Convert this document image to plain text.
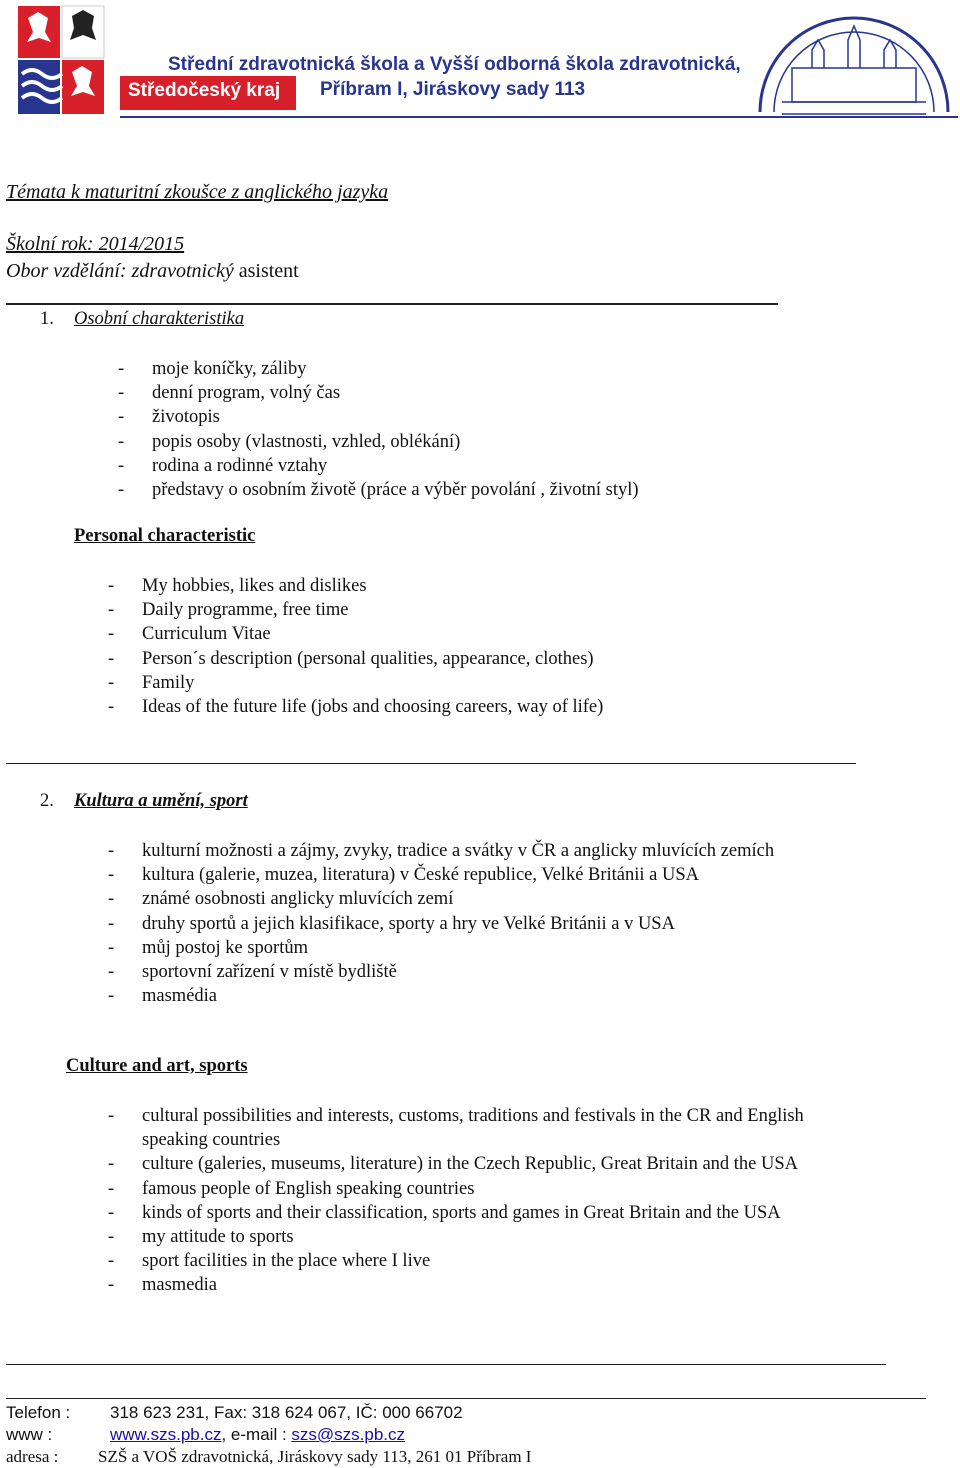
Středočeský kraj
Střední zdravotnická škola a Vyšší odborná škola zdravotnická,
Příbram I, Jiráskovy sady 113
Témata k maturitní zkoušce z anglického jazyka
Školní rok: 2014/2015
Obor vzdělání: zdravotnický asistent
1. Osobní charakteristika
- moje koníčky, záliby
- denní program, volný čas
- životopis
- popis osoby (vlastnosti, vzhled, oblékání)
- rodina a rodinné vztahy
- představy o osobním životě (práce a výběr povolání , životní styl)
Personal characteristic
- My hobbies, likes and dislikes
- Daily programme, free time
- Curriculum Vitae
- Person´s description (personal qualities, appearance, clothes)
- Family
- Ideas of the future life (jobs and choosing careers, way of life)
2. Kultura a umění, sport
- kulturní možnosti a zájmy, zvyky, tradice a svátky v ČR a anglicky mluvících zemích
- kultura (galerie, muzea, literatura) v České republice, Velké Británii a USA
- známé osobnosti anglicky mluvících zemí
- druhy sportů a jejich klasifikace, sporty a hry ve Velké Británii a v USA
- můj postoj ke sportům
- sportovní zařízení v místě bydliště
- masmédia
Culture and art, sports
- cultural possibilities and interests, customs, traditions and festivals in the CR and English
speaking countries
- culture (galeries, museums, literature) in the Czech Republic, Great Britain and the USA
- famous people of English speaking countries
- kinds of sports and their classification, sports and games in Great Britain and the USA
- my attitude to sports
- sport facilities in the place where I live
- masmedia
Telefon : 318 623 231, Fax: 318 624 067, IČ: 000 66702
www :	www.szs.pb.cz, e-mail : szs@szs.pb.cz
adresa : SZŠ a VOŠ zdravotnická, Jiráskovy sady 113, 261 01 Příbram I
